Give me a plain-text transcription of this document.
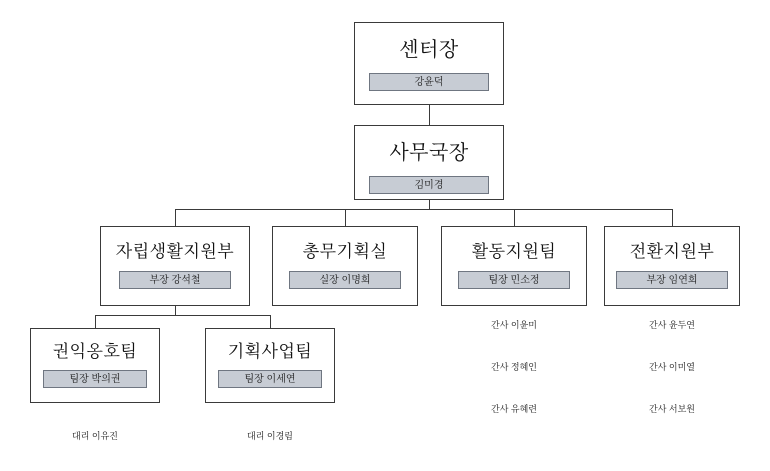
센터장
강윤덕
사무국장
김미경
자립생활지원부
부장 강석철
총무기획실
실장 이명희
활동지원팀
팀장 민소정

간사 이윤미

간사 정혜인

간사 유혜련

전환지원부
부장 임연희

간사 윤두연

간사 이미열

간사 서보원

권익옹호팀
팀장 박의권

대리 이유진

기획사업팀
팀장 이세연

대리 이경림
